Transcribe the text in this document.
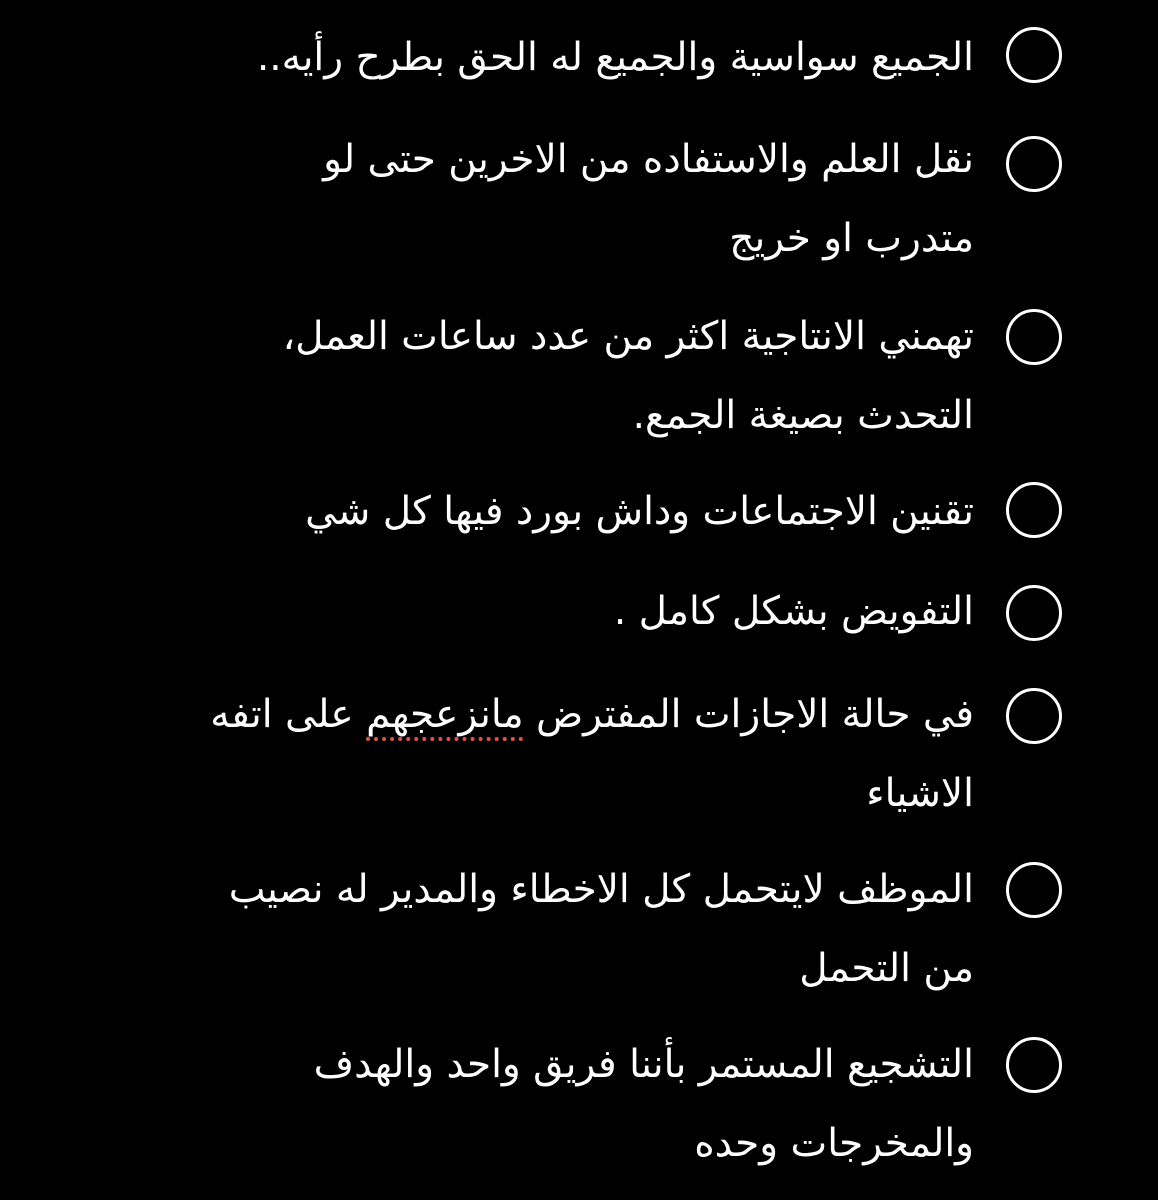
الجميع سواسية والجميع له الحق بطرح رأيه..
نقل العلم والاستفاده من الاخرين حتى لو
متدرب او خريج
تهمني الانتاجية اكثر من عدد ساعات العمل،
التحدث بصيغة الجمع.
تقنين الاجتماعات وداش بورد فيها كل شي
التفويض بشكل كامل .
في حالة الاجازات المفترض مانزعجهم على اتفه
الاشياء
الموظف لايتحمل كل الاخطاء والمدير له نصيب
من التحمل
التشجيع المستمر بأننا فريق واحد والهدف
والمخرجات وحده
